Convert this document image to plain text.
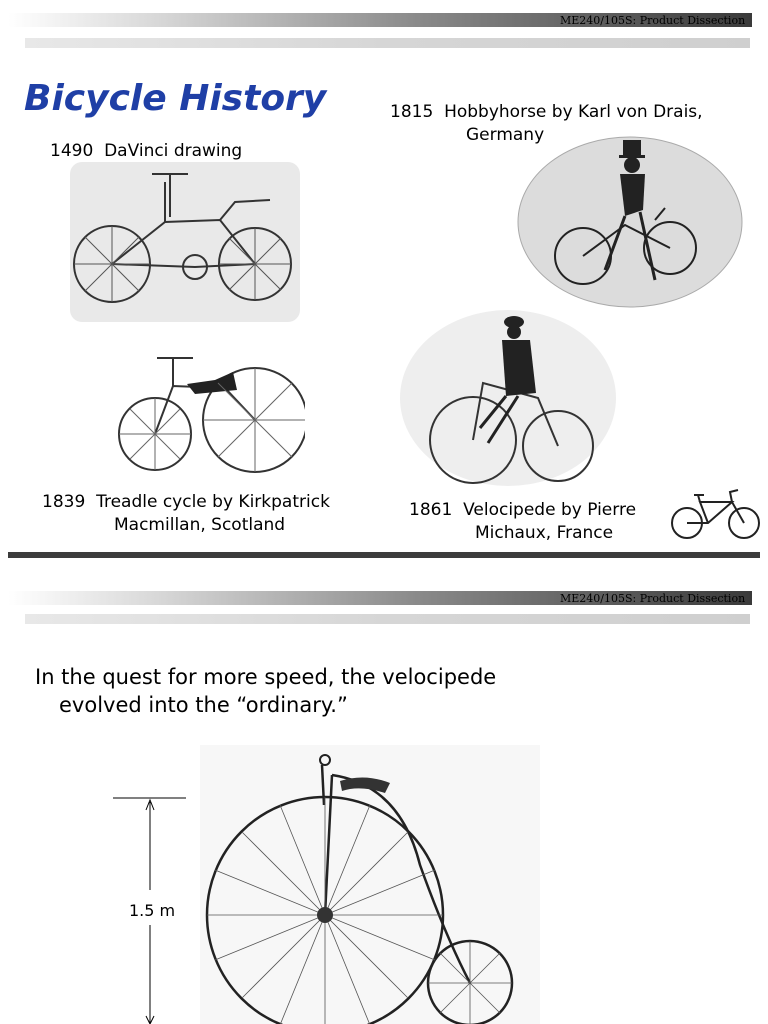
ME240/105S: Product Dissection
Bicycle History
1490 DaVinci drawing
1815 Hobbyhorse by Karl von Drais,
Germany
1839 Treadle cycle by Kirkpatrick
Macmillan, Scotland
1861 Velocipede by Pierre
Michaux, France
ME240/105S: Product Dissection
In the quest for more speed, the velocipede
evolved into the “ordinary.”
1.5 m
